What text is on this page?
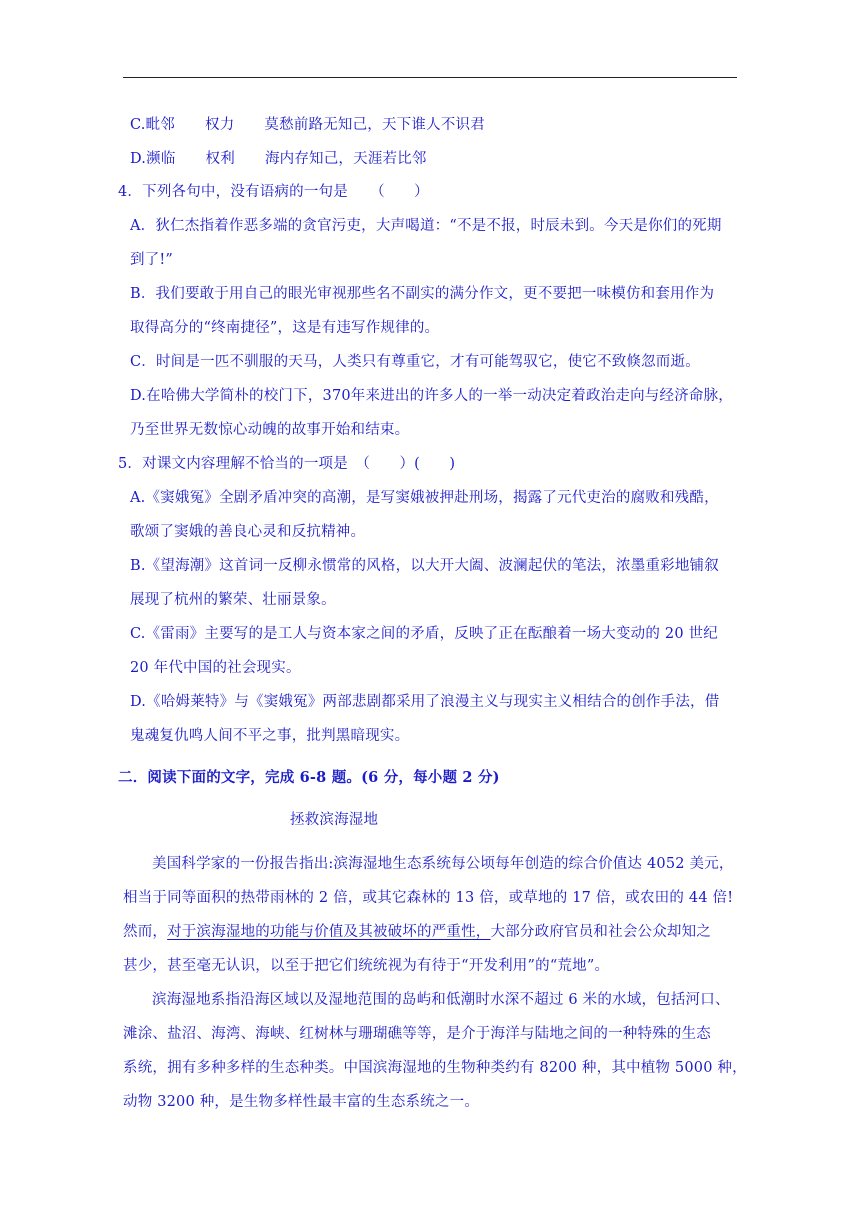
C.毗邻 权力 莫愁前路无知己，天下谁人不识君
D.濒临 权利 海内存知己，天涯若比邻
4．下列各句中，没有语病的一句是　　（　　）
A．狄仁杰指着作恶多端的贪官污吏，大声喝道：“不是不报，时辰未到。今天是你们的死期
到了!”
B．我们要敢于用自己的眼光审视那些名不副实的满分作文，更不要把一味模仿和套用作为
取得高分的“终南捷径”，这是有违写作规律的。
C．时间是一匹不驯服的天马，人类只有尊重它，才有可能驾驭它，使它不致倏忽而逝。
D.在哈佛大学简朴的校门下，370年来进出的许多人的一举一动决定着政治走向与经济命脉，
乃至世界无数惊心动魄的故事开始和结束。
5．对课文内容理解不恰当的一项是　（　　）(　　)
A.《窦娥冤》全剧矛盾冲突的高潮，是写窦娥被押赴刑场，揭露了元代吏治的腐败和残酷，
歌颂了窦娥的善良心灵和反抗精神。
B.《望海潮》这首词一反柳永惯常的风格，以大开大阖、波澜起伏的笔法，浓墨重彩地铺叙
展现了杭州的繁荣、壮丽景象。
C.《雷雨》主要写的是工人与资本家之间的矛盾，反映了正在酝酿着一场大变动的 20 世纪
20 年代中国的社会现实。
D.《哈姆莱特》与《窦娥冤》两部悲剧都采用了浪漫主义与现实主义相结合的创作手法，借
鬼魂复仇鸣人间不平之事，批判黑暗现实。
二．阅读下面的文字，完成 6-8 题。(6 分，每小题 2 分)
拯救滨海湿地
美国科学家的一份报告指出:滨海湿地生态系统每公顷每年创造的综合价值达 4052 美元，
相当于同等面积的热带雨林的 2 倍，或其它森林的 13 倍，或草地的 17 倍，或农田的 44 倍!
然而，对于滨海湿地的功能与价值及其被破坏的严重性，大部分政府官员和社会公众却知之
甚少，甚至毫无认识，以至于把它们统统视为有待于“开发利用”的“荒地”。
滨海湿地系指沿海区域以及湿地范围的岛屿和低潮时水深不超过 6 米的水域，包括河口、
滩涂、盐沼、海湾、海峡、红树林与珊瑚礁等等，是介于海洋与陆地之间的一种特殊的生态
系统，拥有多种多样的生态种类。中国滨海湿地的生物种类约有 8200 种，其中植物 5000 种，
动物 3200 种，是生物多样性最丰富的生态系统之一。
